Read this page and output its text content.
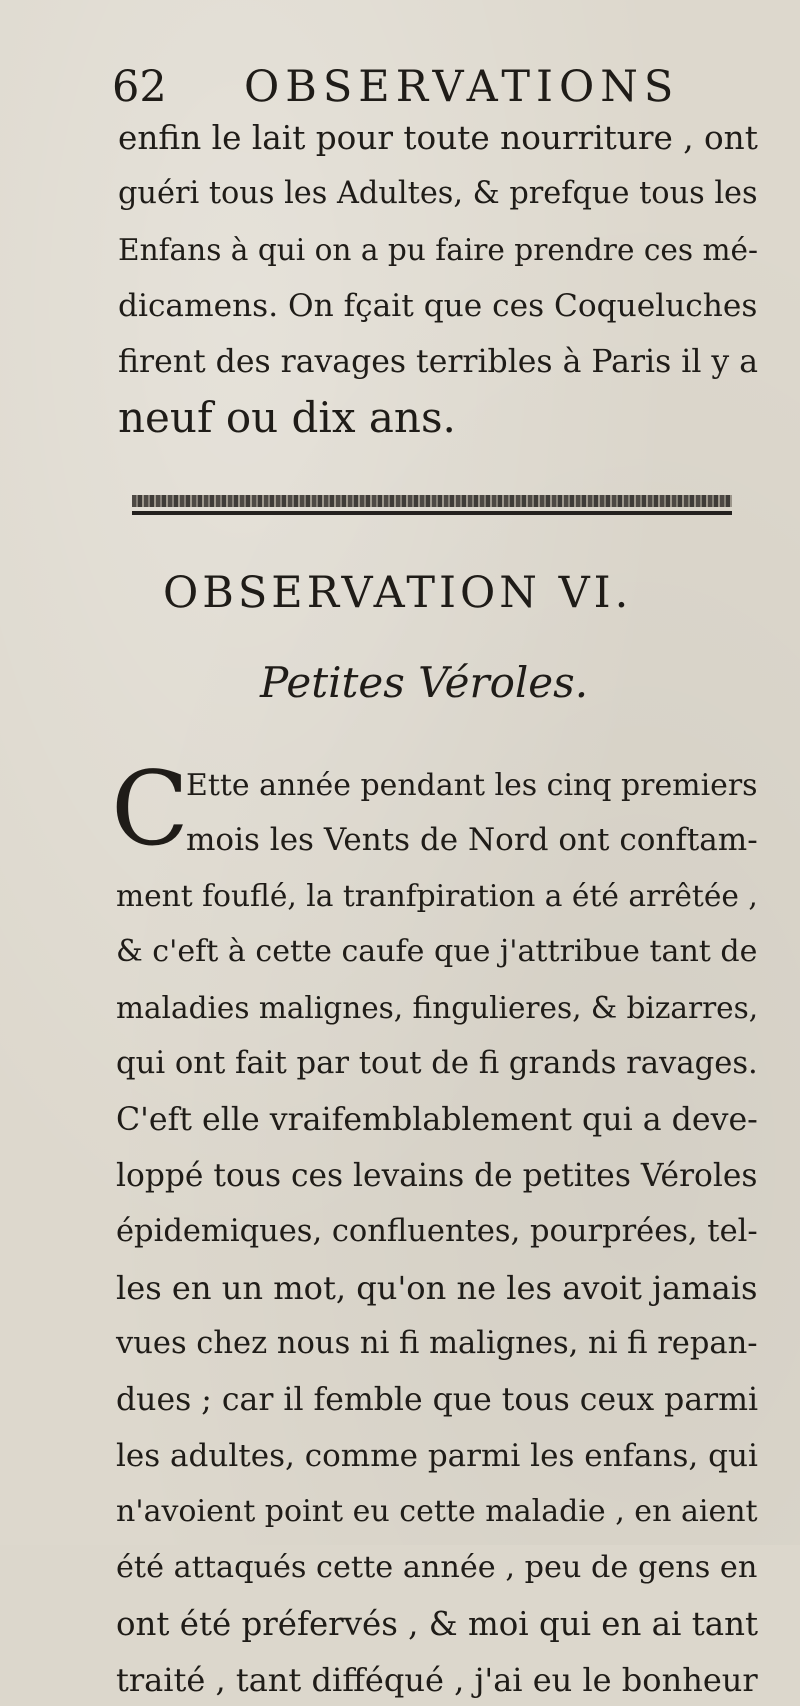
62 OBSERVATIONS
enfin le lait pour toute nourriture , ont
guéri tous les Adultes, & prefque tous les
Enfans à qui on a pu faire prendre ces mé-
dicamens. On fçait que ces Coqueluches
firent des ravages terribles à Paris il y a
neuf ou dix ans.
OBSERVATION VI.
Petites Véroles.
C
Ette année pendant les cinq premiers
mois les Vents de Nord ont conftam-
ment fouflé, la tranfpiration a été arrêtée ,
& c'eft à cette caufe que j'attribue tant de
maladies malignes, fingulieres, & bizarres,
qui ont fait par tout de fi grands ravages.
C'eft elle vraifemblablement qui a deve-
loppé tous ces levains de petites Véroles
épidemiques, confluentes, pourprées, tel-
les en un mot, qu'on ne les avoit jamais
vues chez nous ni fi malignes, ni fi repan-
dues ; car il femble que tous ceux parmi
les adultes, comme parmi les enfans, qui
n'avoient point eu cette maladie , en aient
été attaqués cette année , peu de gens en
ont été préfervés , & moi qui en ai tant
traité , tant difféqué , j'ai eu le bonheur
